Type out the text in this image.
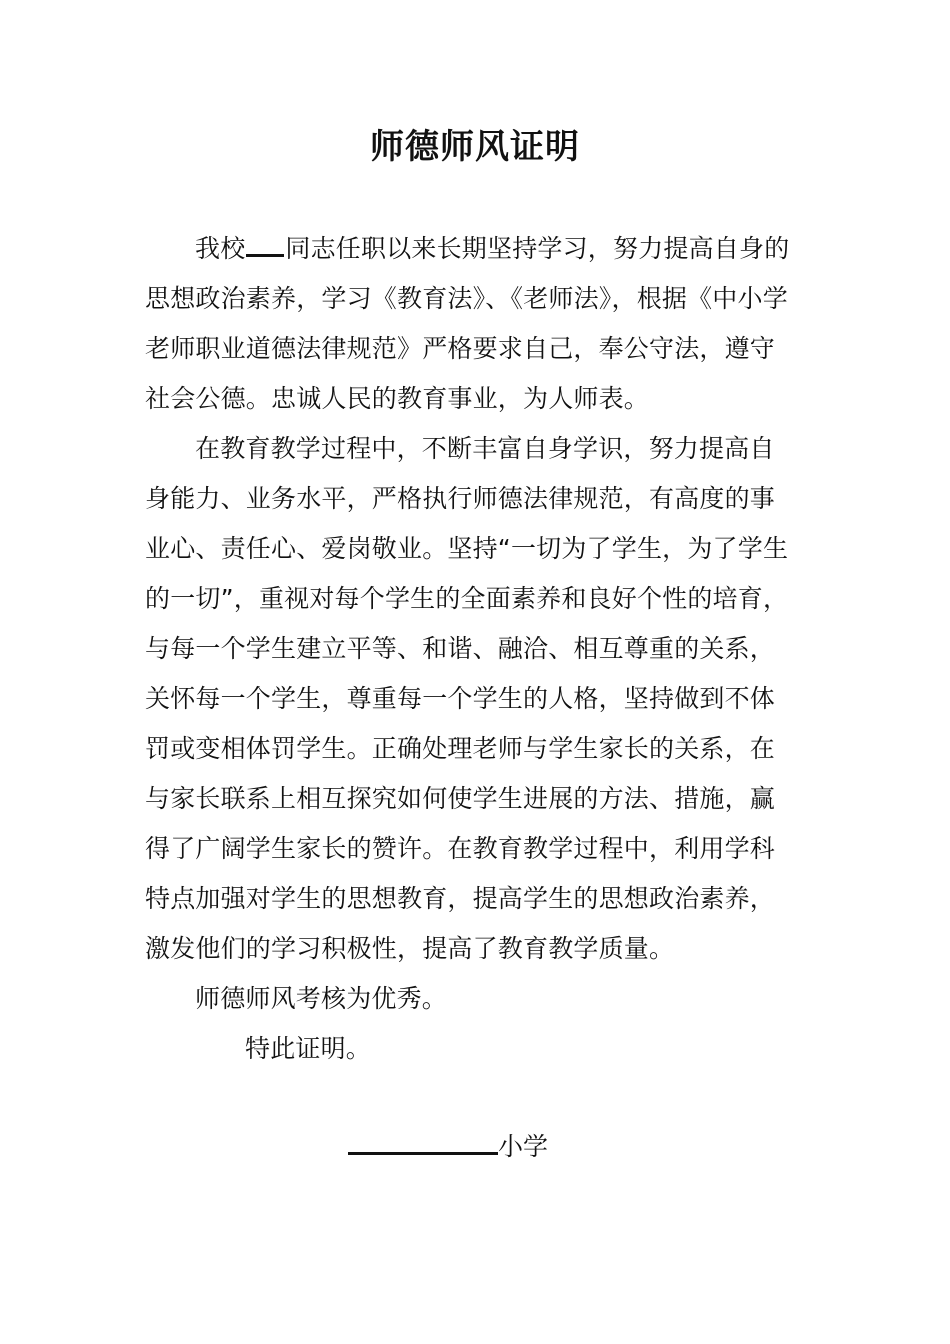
师德师风证明

我校 同志任职以来长期坚持学习，努力提高自身的思想政治素养，学习《教育法》、《老师法》，根据《中小学老师职业道德法律规范》严格要求自己，奉公守法，遵守社会公德。忠诚人民的教育事业，为人师表。

在教育教学过程中，不断丰富自身学识，努力提高自身能力、业务水平，严格执行师德法律规范，有高度的事业心、责任心、爱岗敬业。坚持“一切为了学生，为了学生的一切”，重视对每个学生的全面素养和良好个性的培育，与每一个学生建立平等、和谐、融洽、相互尊重的关系，关怀每一个学生，尊重每一个学生的人格，坚持做到不体罚或变相体罚学生。正确处理老师与学生家长的关系，在与家长联系上相互探究如何使学生进展的方法、措施，赢得了广阔学生家长的赞许。在教育教学过程中，利用学科特点加强对学生的思想教育，提高学生的思想政治素养，激发他们的学习积极性，提高了教育教学质量。

师德师风考核为优秀。

特此证明。

小学
